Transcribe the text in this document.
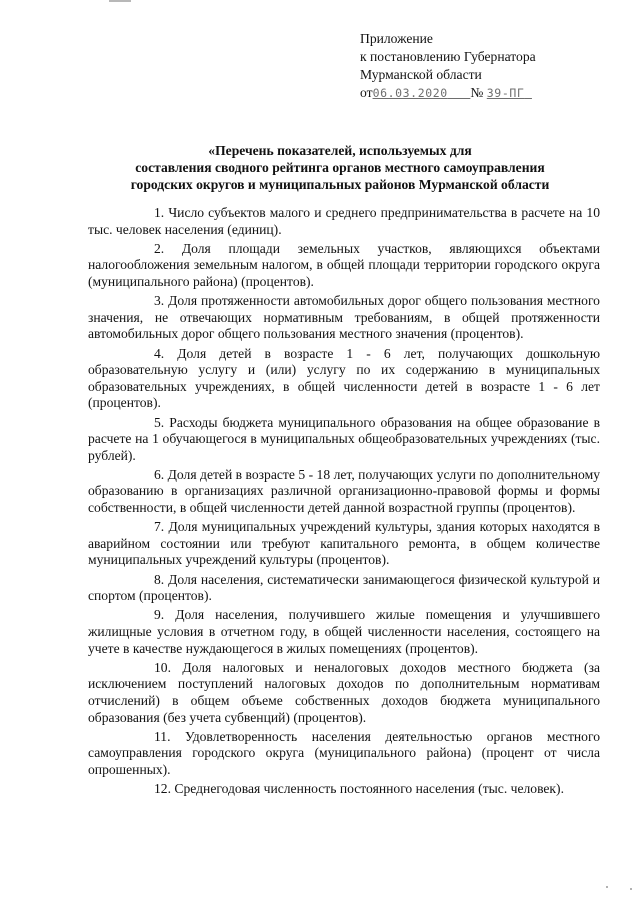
Приложение
к постановлению Губернатора
Мурманской области
от06.03.2020 № 39-ПГ
«Перечень показателей, используемых для
составления сводного рейтинга органов местного самоуправления
городских округов и муниципальных районов Мурманской области

1. Число субъектов малого и среднего предпринимательства в расчете на 10 тыс. человек населения (единиц).

2. Доля площади земельных участков, являющихся объектами налогообложения земельным налогом, в общей площади территории городского округа (муниципального района) (процентов).

3. Доля протяженности автомобильных дорог общего пользования местного значения, не отвечающих нормативным требованиям, в общей протяженности автомобильных дорог общего пользования местного значения (процентов).

4. Доля детей в возрасте 1 - 6 лет, получающих дошкольную образовательную услугу и (или) услугу по их содержанию в муниципальных образовательных учреждениях, в общей численности детей в возрасте 1 - 6 лет (процентов).

5. Расходы бюджета муниципального образования на общее образование в расчете на 1 обучающегося в муниципальных общеобразовательных учреждениях (тыс. рублей).

6. Доля детей в возрасте 5 - 18 лет, получающих услуги по дополнительному образованию в организациях различной организационно-правовой формы и формы собственности, в общей численности детей данной возрастной группы (процентов).

7. Доля муниципальных учреждений культуры, здания которых находятся в аварийном состоянии или требуют капитального ремонта, в общем количестве муниципальных учреждений культуры (процентов).

8. Доля населения, систематически занимающегося физической культурой и спортом (процентов).

9. Доля населения, получившего жилые помещения и улучшившего жилищные условия в отчетном году, в общей численности населения, состоящего на учете в качестве нуждающегося в жилых помещениях (процентов).

10. Доля налоговых и неналоговых доходов местного бюджета (за исключением поступлений налоговых доходов по дополнительным нормативам отчислений) в общем объеме собственных доходов бюджета муниципального образования (без учета субвенций) (процентов).

11. Удовлетворенность населения деятельностью органов местного самоуправления городского округа (муниципального района) (процент от числа опрошенных).

12. Среднегодовая численность постоянного населения (тыс. человек).
